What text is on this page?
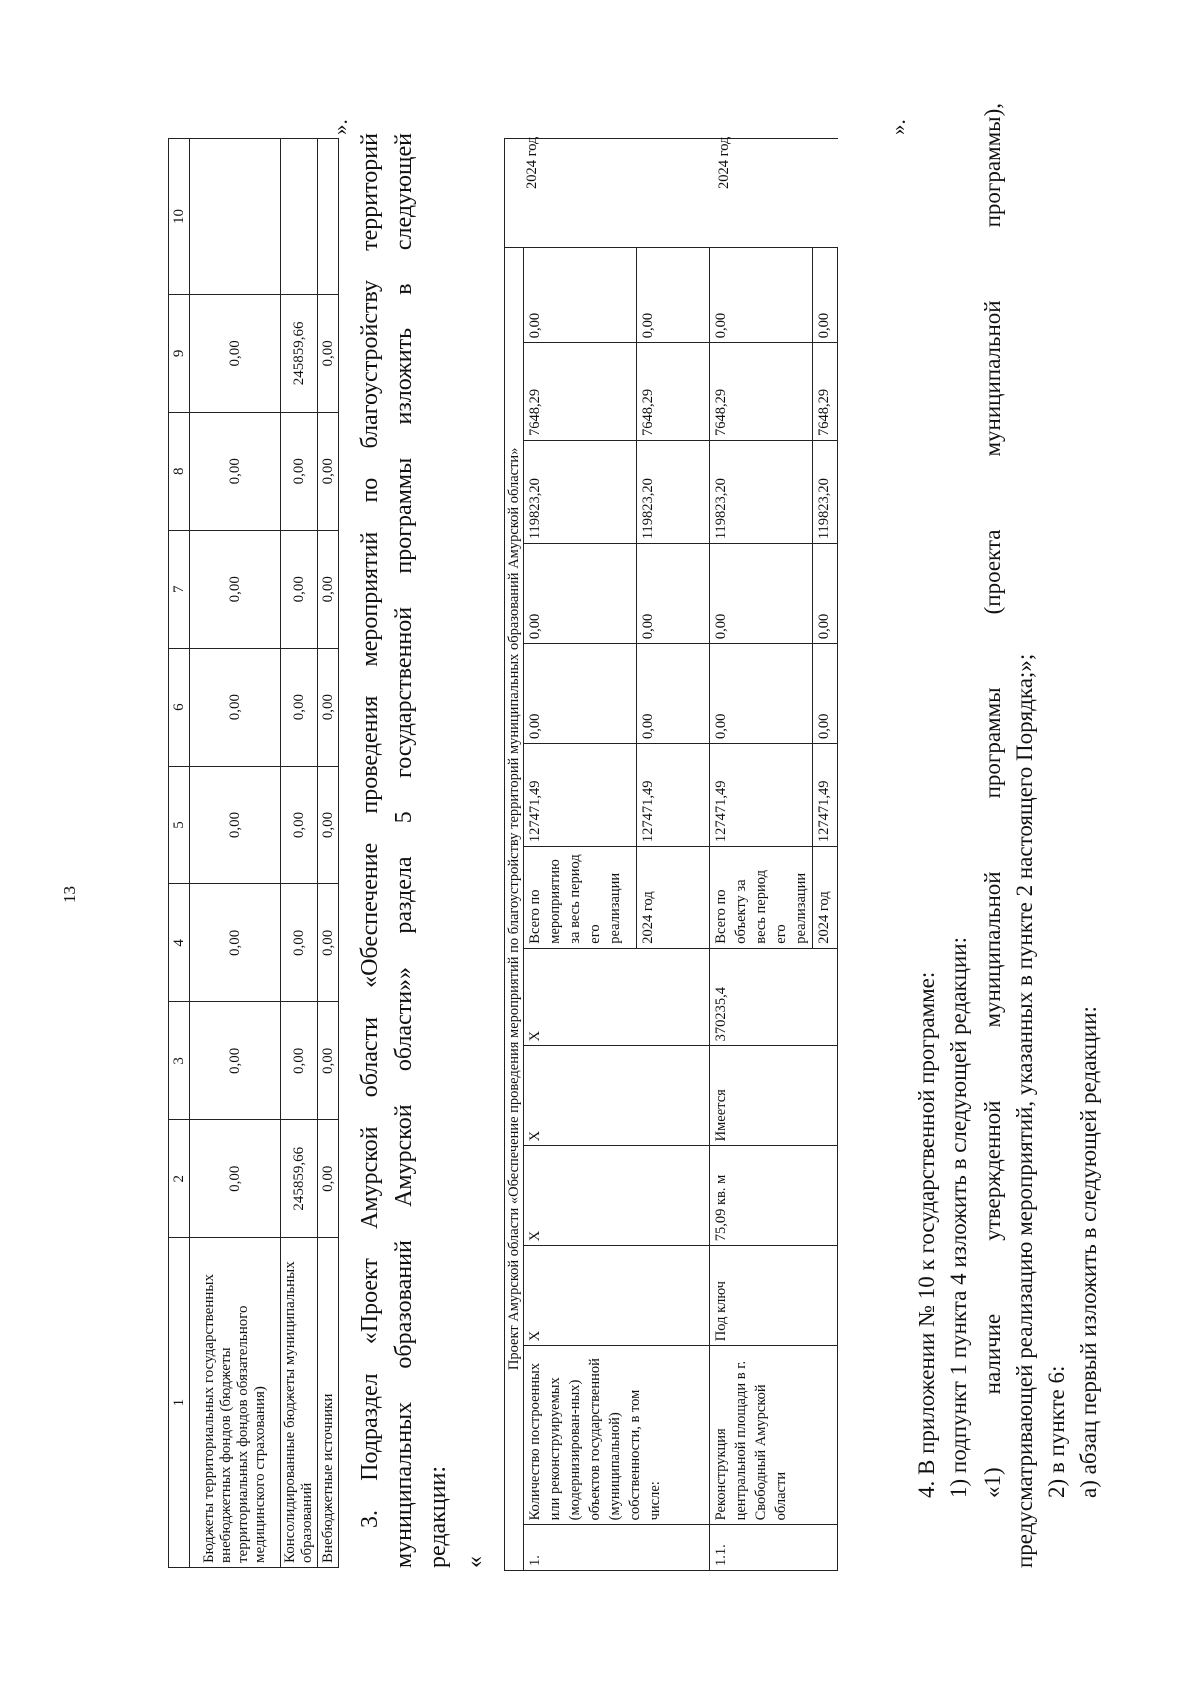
13
1	2	3	4	5	6	7	8	9	10
Бюджеты территориальных государственных внебюджетных фондов (бюджеты территориальных фондов обязательного медицинского страхования)	0,00	0,00	0,00	0,00	0,00	0,00	0,00	0,00	
Консолидированные бюджеты муниципальных образований	245859,66	0,00	0,00	0,00	0,00	0,00	0,00	245859,66	
Внебюджетные источники	0,00	0,00	0,00	0,00	0,00	0,00	0,00	0,00	
».
3. Подраздел «Проект Амурской области «Обеспечение проведения мероприятий по благоустройству территорий муниципальных образований Амурской области»» раздела 5 государственной программы изложить в следующей редакции: «
Проект Амурской области «Обеспечение проведения мероприятий по благоустройству территорий муниципальных образований Амурской области»													
1.	Количество построенных или реконструируемых (модернизирован-ных) объектов государственной (муниципальной) собственности, в том числе:	Х	Х	Х	Х	Всего по мероприятию за весь период его реализации	127471,49	0,00	0,00	119823,20	7648,29	0,00	
						2024 год	127471,49	0,00	0,00	119823,20	7648,29	0,00	
1.1.	Реконструкция центральной площади в г. Свободный Амурской области	Под ключ	75,09 кв. м	Имеется	370235,4	Всего по объекту за весь период его реализации	127471,49	0,00	0,00	119823,20	7648,29	0,00	
						2024 год	127471,49	0,00	0,00	119823,20	7648,29	0,00	
2024 год	2024 год
».
4. В приложении № 10 к государственной программе: 1) подпункт 1 пункта 4 изложить в следующей редакции: «1) наличие утвержденной муниципальной программы (проекта муниципальной программы), предусматривающей реализацию мероприятий, указанных в пункте 2 настоящего Порядка;»; 2) в пункте 6: а) абзац первый изложить в следующей редакции:
